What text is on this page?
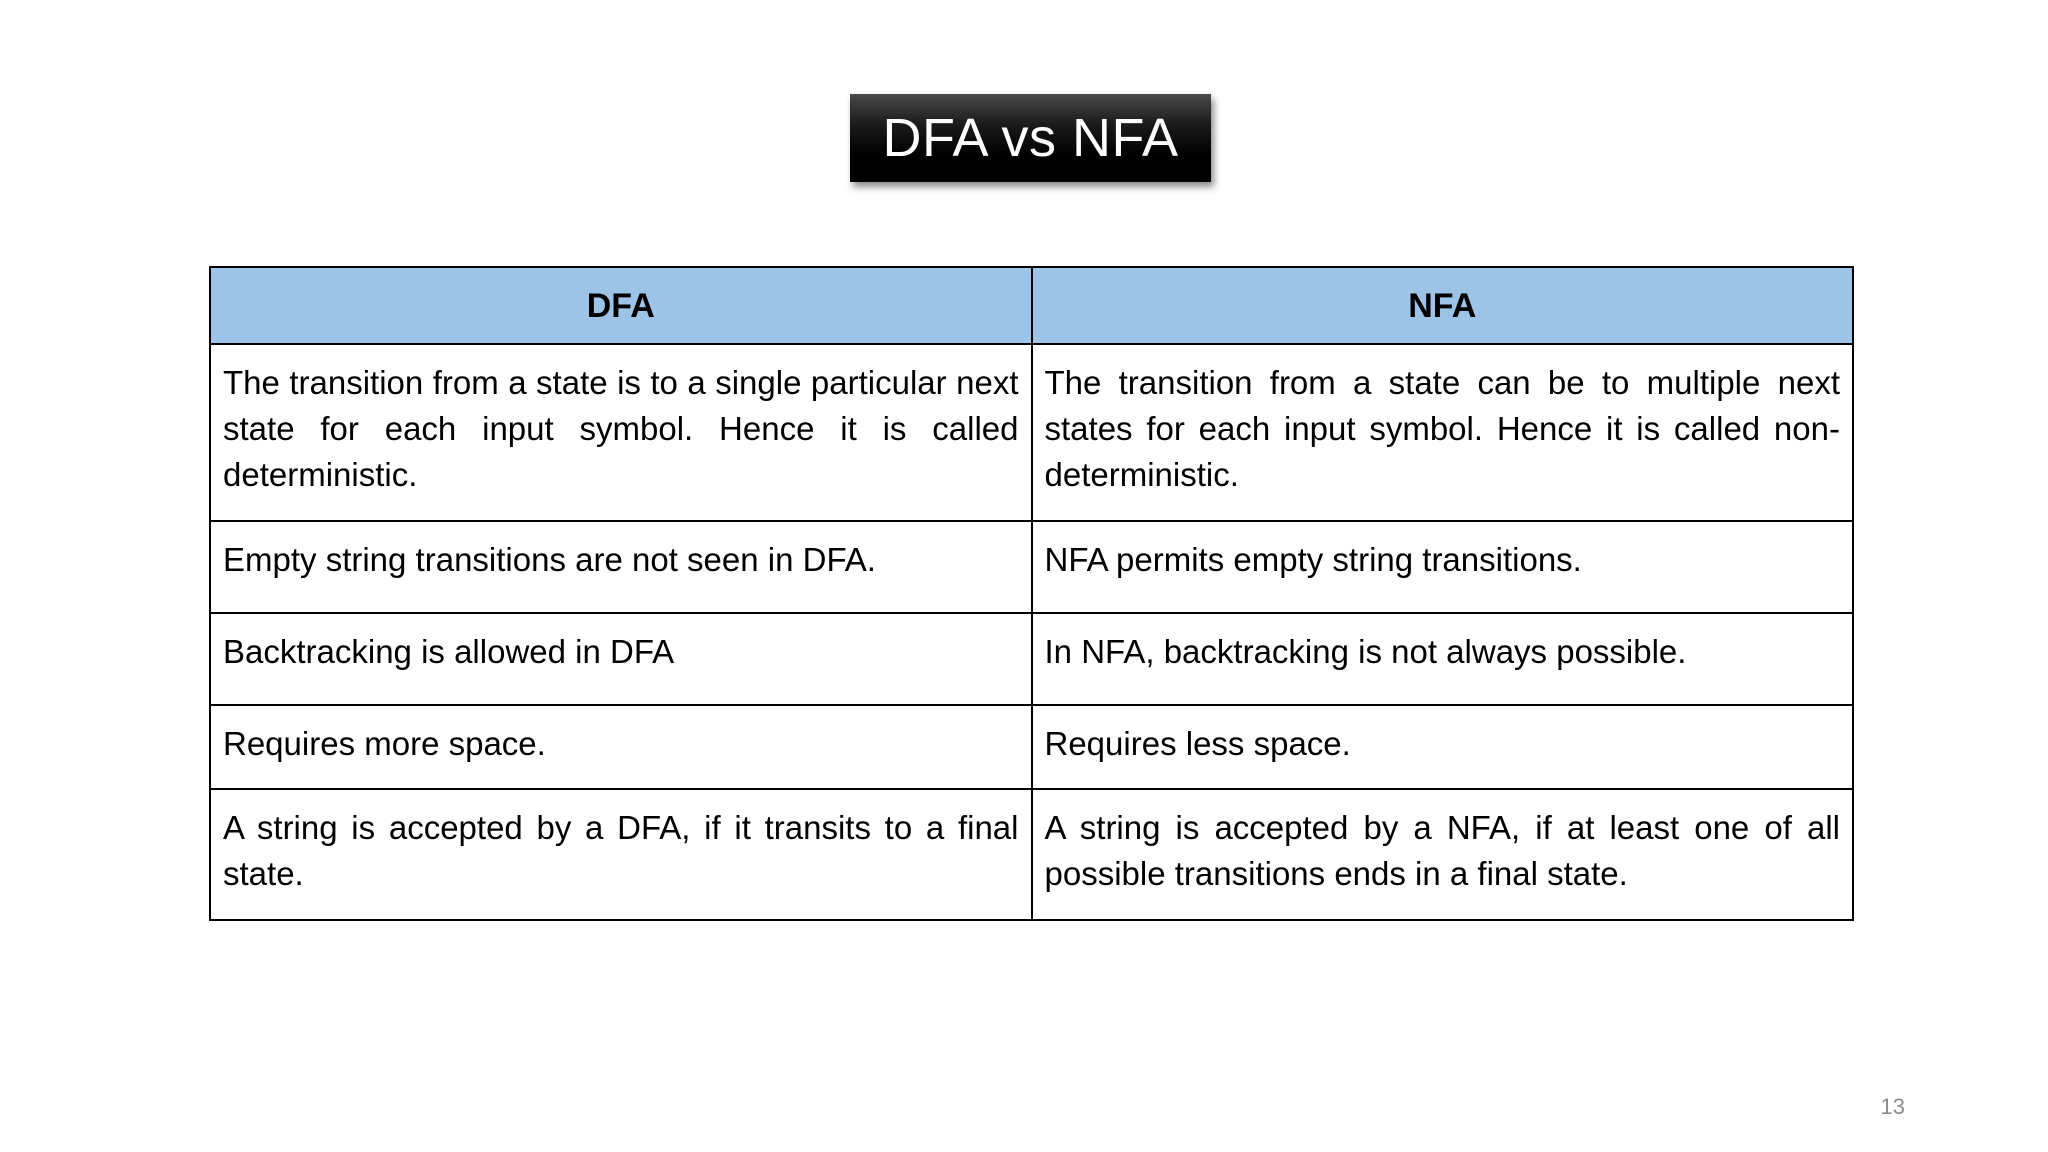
DFA vs NFA
DFA	NFA
The transition from a state is to a single particular next state for each input symbol. Hence it is called deterministic.	The transition from a state can be to multiple next states for each input symbol. Hence it is called non-deterministic.
Empty string transitions are not seen in DFA.	NFA permits empty string transitions.
Backtracking is allowed in DFA	In NFA, backtracking is not always possible.
Requires more space.	Requires less space.
A string is accepted by a DFA, if it transits to a final state.	A string is accepted by a NFA, if at least one of all possible transitions ends in a final state.
13
